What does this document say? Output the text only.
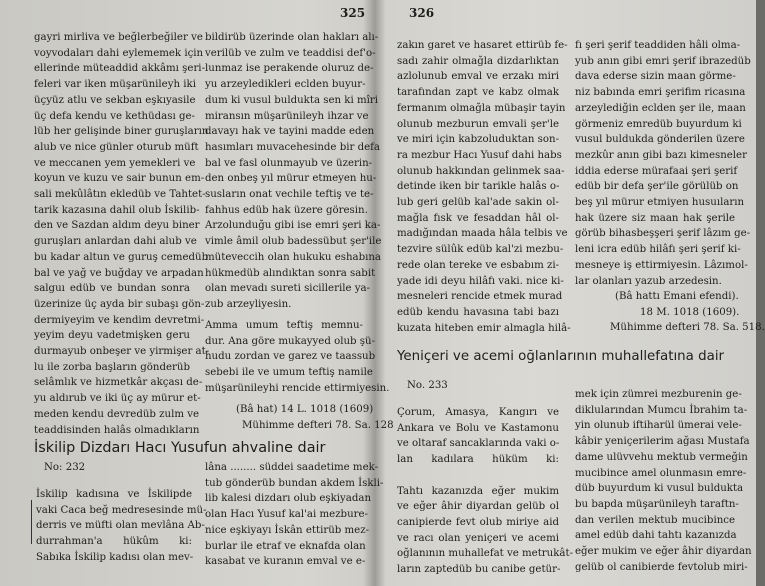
325
gayri mirliva ve beğlerbeğiler ve
voyvodaları dahi eylememek için
ellerinde müteaddid akkâmı şeri-
feleri var iken müşarünileyh iki
üçyüz atlu ve sekban eşkıyasile
üç defa kendu ve kethüdası ge-
lüb her gelişinde biner guruşların
alub ve nice günler oturub müft
ve meccanen yem yemekleri ve
koyun ve kuzu ve sair bunun em-
sali mekûlâtın ekledüb ve Tahtet-
tarik kazasına dahil olub İskilib-
den ve Sazdan aldım deyu biner
guruşları anlardan dahi alub ve
bu kadar altun ve guruş cemedüb
bal ve yağ ve buğday ve arpadan
salguı edüb ve bundan sonra
üzerinize üç ayda bir subaşı gön-
dermiyeyim ve kendim devretmi-
yeyim deyu vadetmişken geru
durmayub onbeşer ve yirmişer at-
lu ile zorba başların gönderüb
selâmlık ve hizmetkâr akçası de-
yu aldırub ve iki üç ay mürur et-
meden kendu devredüb zulm ve
teaddisinden halâs olmadıkların
bildirüb üzerinde olan hakları alı-
verilüb ve zulm ve teaddisi def'o-
lunmaz ise perakende oluruz de-
yu arzeyledikleri eclden buyur-
dum ki vusul buldukta sen ki mîri
miransın müşarünileyh ihzar ve
davayı hak ve tayini madde eden
hasımları muvacehesinde bir defa
bal ve fasl olunmayub ve üzerin-
den onbeş yıl mürur etmeyen hu-
susların onat vechile teftiş ve te-
fahhus edüb hak üzere göresin.
Arzolunduğu gibi ise emri şeri ka-
vimle âmil olub badessübut şer'ile
müteveccih olan hukuku eshabına
hükmedüb alındıktan sonra sabit
olan mevadı sureti sicillerile ya-
zub arzeyliyesin.
Amma umum teftiş memnu-
dur. Ana göre mukayyed olub şü-
hudu zordan ve garez ve taassub
sebebi ile ve umum teftiş namile
müşarünileyhi rencide ettirmiyesin.
(Bâ hat) 14 L. 1018 (1609)
Mühimme defteri 78. Sa. 128
İskilip Dizdarı Hacı Yusufun ahvaline dair
No: 232
İskilip kadısına ve İskilipde
vaki Caca beğ medresesinde mü-
derris ve müfti olan mevlâna Ab-
durrahman'a hükûm ki:
Sabıka İskilip kadısı olan mev-
lâna ........ süddei saadetime mek-
tub gönderüb bundan akdem İskli-
lib kalesi dizdarı olub eşkiyadan
olan Hacı Yusuf kal'ai mezbure-
nice eşkiyayı İskân ettirüb mez-
burlar ile etraf ve eknafda olan
kasabat ve kuranın emval ve e-
326
zakın garet ve hasaret ettirüb fe-
sadı zahir olmağla dizdarlıktan
azlolunub emval ve erzakı miri
tarafından zapt ve kabz olmak
fermanım olmağla mübaşir tayin
olunub mezburun emvali şer'le
ve miri için kabzoluduktan son-
ra mezbur Hacı Yusuf dahi habs
olunub hakkından gelinmek saa-
detinde iken bir tarikle halâs o-
lub geri gelüb kal'ade sakin ol-
mağla fısk ve fesaddan hâl ol-
madığından maada hâla telbis ve
tezvire sülûk edüb kal'zi mezbu-
rede olan tereke ve esbabım zi-
yade idi deyu hilâfı vaki. nice ki-
mesneleri rencide etmek murad
edüb kendu havasına tabi bazı
kuzata hiteben emir almagla hilâ-
fı şeri şerif teaddiden hâli olma-
yub anın gibi emri şerif ibrazedüb
dava ederse sizin maan görme-
niz babında emri şerifim ricasına
arzeylediğin eclden şer ile, maan
görmeniz emredüb buyurdum ki
vusul buldukda gönderilen üzere
mezkûr anın gibi bazı kimesneler
iddia ederse mürafaai şeri şerif
edüb bir defa şer'ile görülüb on
beş yıl mürur etmiyen husuıların
hak üzere siz maan hak şerile
görüb bihasbeşşeri şerif lâzım ge-
leni icra edüb hilâfı şeri şerif ki-
mesneye iş ettirmiyesin. Lâzımol-
lar olanları yazub arzedesin.
(Bâ hattı Emani efendi).
18 M. 1018 (1609).
Mühimme defteri 78. Sa. 518.
Yeniçeri ve acemi oğlanlarının muhallefatına dair
No. 233
Çorum, Amasya, Kangırı ve
Ankara ve Bolu ve Kastamonu
ve oltaraf sancaklarında vaki o-
lan kadılara hüküm ki:

Tahtı kazanızda eğer mukim
ve eğer âhir diyardan gelüb ol
canipierde fevt olub miriye aid
ve racı olan yeniçeri ve acemi
oğlanının muhallefat ve metrukât-
ların zaptedüb bu canibe getür-
mek için zümrei mezburenin ge-
diklularından Mumcu İbrahim ta-
yin olunub iftiharül ümerai vele-
kâbir yeniçerilerim ağası Mustafa
dame ulüvvehu mektub vermeğin
mucibince amel olunmasın emre-
düb buyurdum ki vusul buldukta
bu bapda müşarünileyh taraftn-
dan verilen mektub mucibince
amel edüb dahi tahtı kazanızda
eğer mukim ve eğer âhir diyardan
gelüb ol canibierde fevtolub miri-
